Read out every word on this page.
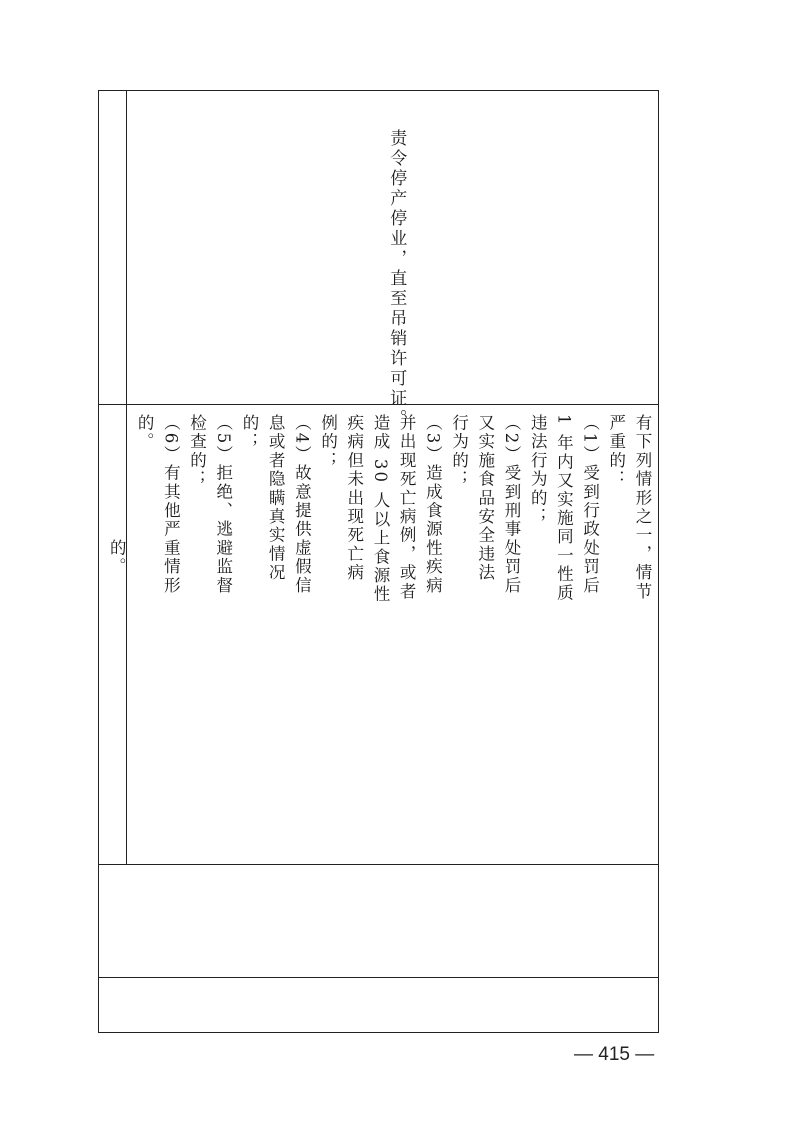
的。	有下列情形之一，情节
严重的：
（1）受到行政处罚后
1 年内又实施同一性质
违法行为的；
（2）受到刑事处罚后
又实施食品安全违法
行为的；
（3）造成食源性疾病
并出现死亡病例，或者
造成 30 人以上食源性
疾病但未出现死亡病
例的；
（4）故意提供虚假信
息或者隐瞒真实情况
的；
（5）拒绝、逃避监督
检查的；
（6）有其他严重情形
的。
责令停产停业，直至吊销许可证。
— 415 —
